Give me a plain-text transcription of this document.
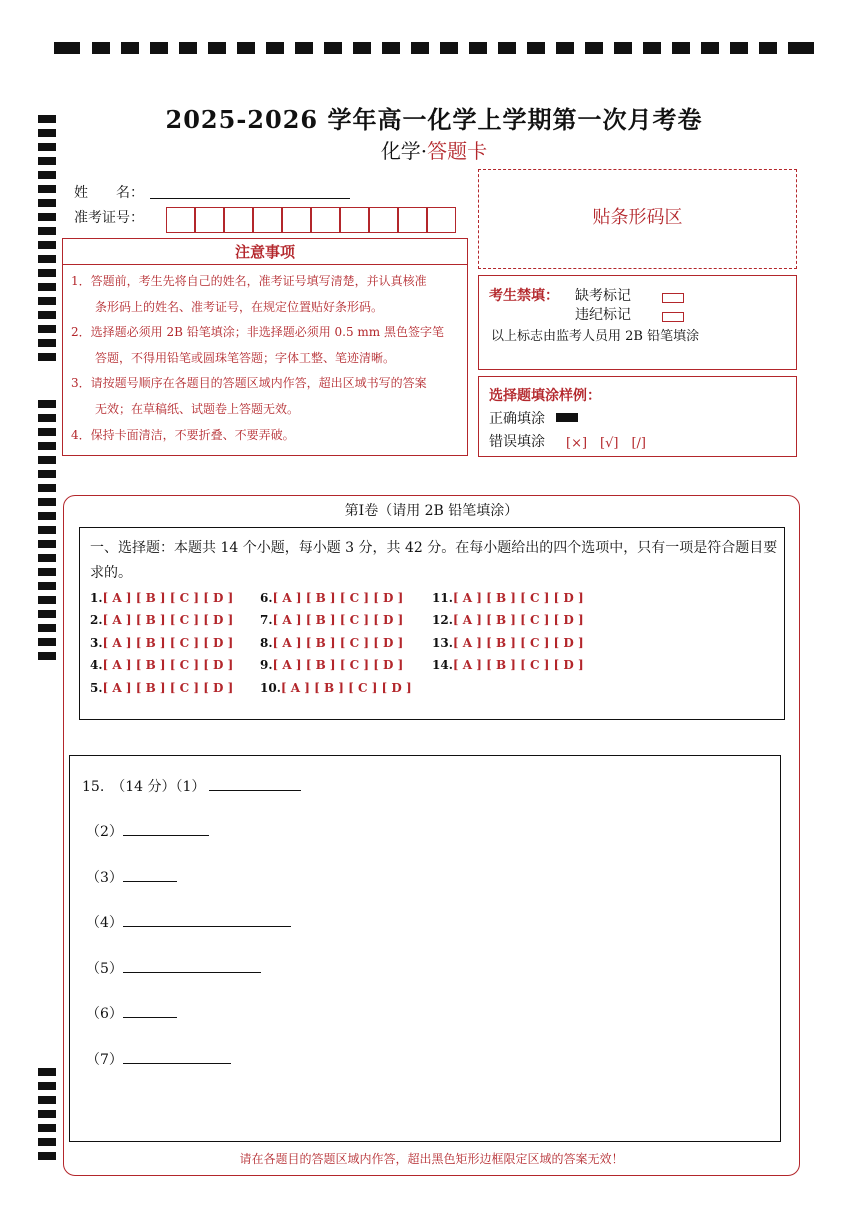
2025-2026 学年高一化学上学期第一次月考卷
化学·答题卡
姓　　名：
准考证号：
注意事项
1．答题前，考生先将自己的姓名，准考证号填写清楚，并认真核准
　　条形码上的姓名、准考证号，在规定位置贴好条形码。
2．选择题必须用 2B 铅笔填涂；非选择题必须用 0.5 mm 黑色签字笔
　　答题，不得用铅笔或圆珠笔答题；字体工整、笔迹清晰。
3．请按题号顺序在各题目的答题区域内作答，超出区域书写的答案
　　无效；在草稿纸、试题卷上答题无效。
4．保持卡面清洁，不要折叠、不要弄破。
贴条形码区
考生禁填： 缺考标记
违纪标记
以上标志由监考人员用 2B 铅笔填涂
选择题填涂样例：
正确填涂
错误填涂 [×]　[√]　[/]
第Ⅰ卷（请用 2B 铅笔填涂）
一、选择题：本题共 14 个小题，每小题 3 分，共 42 分。在每小题给出的四个选项中，只有一项是符合题目要求的。
1.[ A ] [ B ] [ C ] [ D ]
2.[ A ] [ B ] [ C ] [ D ]
3.[ A ] [ B ] [ C ] [ D ]
4.[ A ] [ B ] [ C ] [ D ]
5.[ A ] [ B ] [ C ] [ D ]
6.[ A ] [ B ] [ C ] [ D ]
7.[ A ] [ B ] [ C ] [ D ]
8.[ A ] [ B ] [ C ] [ D ]
9.[ A ] [ B ] [ C ] [ D ]
10.[ A ] [ B ] [ C ] [ D ]
11.[ A ] [ B ] [ C ] [ D ]
12.[ A ] [ B ] [ C ] [ D ]
13.[ A ] [ B ] [ C ] [ D ]
14.[ A ] [ B ] [ C ] [ D ]
15.　（14 分）（1）
（2）
（3）
（4）
（5）
（6）
（7）
请在各题目的答题区域内作答，超出黑色矩形边框限定区域的答案无效！
